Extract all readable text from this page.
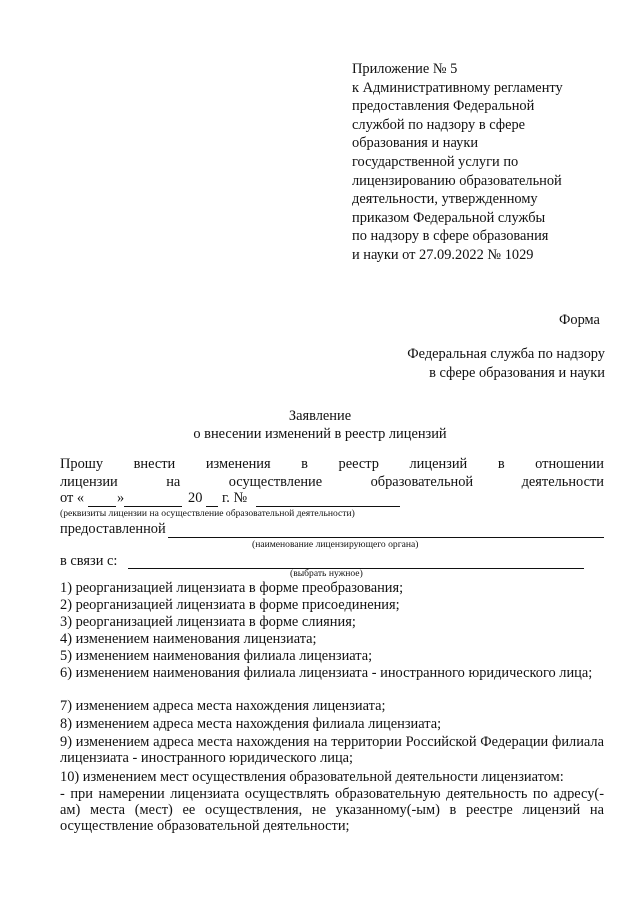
Приложение № 5
к Административному регламенту
предоставления Федеральной
службой по надзору в сфере
образования и науки
государственной услуги по
лицензированию образовательной
деятельности, утвержденному
приказом Федеральной службы
по надзору в сфере образования
и науки от 27.09.2022 № 1029
Форма
Федеральная служба по надзору
в сфере образования и науки
Заявление
о внесении изменений в реестр лицензий
Прошу внести изменения в реестр лицензий в отношении
лицензии	на	осуществление	образовательной	деятельности
от « »	20 г. №
(реквизиты лицензии на осуществление образовательной деятельности)
предоставленной
(наименование лицензирующего органа)
в связи с:
(выбрать нужное)
1) реорганизацией лицензиата в форме преобразования;
2) реорганизацией лицензиата в форме присоединения;
3) реорганизацией лицензиата в форме слияния;
4) изменением наименования лицензиата;
5) изменением наименования филиала лицензиата;
6) изменением наименования филиала лицензиата - иностранного юридического лица;
7) изменением адреса места нахождения лицензиата;
8) изменением адреса места нахождения филиала лицензиата;
9) изменением адреса места нахождения на территории Российской Федерации филиала лицензиата - иностранного юридического лица;
10) изменением мест осуществления образовательной деятельности лицензиатом:
- при намерении лицензиата осуществлять образовательную деятельность по адресу(-ам) места (мест) ее осуществления, не указанному(-ым) в реестре лицензий на осуществление образовательной деятельности;
